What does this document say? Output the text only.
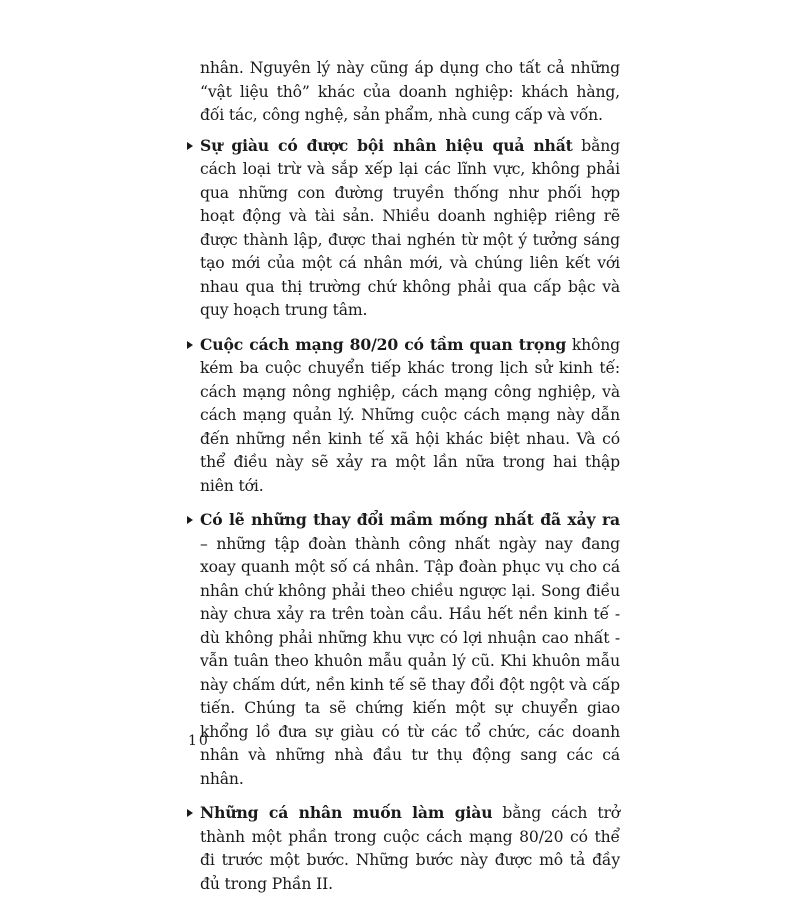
nhân. Nguyên lý này cũng áp dụng cho tất cả những “vật liệu thô” khác của doanh nghiệp: khách hàng, đối tác, công nghệ, sản phẩm, nhà cung cấp và vốn.

Sự giàu có được bội nhân hiệu quả nhất bằng cách loại trừ và sắp xếp lại các lĩnh vực, không phải qua những con đường truyền thống như phối hợp hoạt động và tài sản. Nhiều doanh nghiệp riêng rẽ được thành lập, được thai nghén từ một ý tưởng sáng tạo mới của một cá nhân mới, và chúng liên kết với nhau qua thị trường chứ không phải qua cấp bậc và quy hoạch trung tâm.

Cuộc cách mạng 80/20 có tầm quan trọng không kém ba cuộc chuyển tiếp khác trong lịch sử kinh tế: cách mạng nông nghiệp, cách mạng công nghiệp, và cách mạng quản lý. Những cuộc cách mạng này dẫn đến những nền kinh tế xã hội khác biệt nhau. Và có thể điều này sẽ xảy ra một lần nữa trong hai thập niên tới.

Có lẽ những thay đổi mầm mống nhất đã xảy ra – những tập đoàn thành công nhất ngày nay đang xoay quanh một số cá nhân. Tập đoàn phục vụ cho cá nhân chứ không phải theo chiều ngược lại. Song điều này chưa xảy ra trên toàn cầu. Hầu hết nền kinh tế - dù không phải những khu vực có lợi nhuận cao nhất - vẫn tuân theo khuôn mẫu quản lý cũ. Khi khuôn mẫu này chấm dứt, nền kinh tế sẽ thay đổi đột ngột và cấp tiến. Chúng ta sẽ chứng kiến một sự chuyển giao khổng lồ đưa sự giàu có từ các tổ chức, các doanh nhân và những nhà đầu tư thụ động sang các cá nhân.

Những cá nhân muốn làm giàu bằng cách trở thành một phần trong cuộc cách mạng 80/20 có thể đi trước một bước. Những bước này được mô tả đầy đủ trong Phần II.

10
